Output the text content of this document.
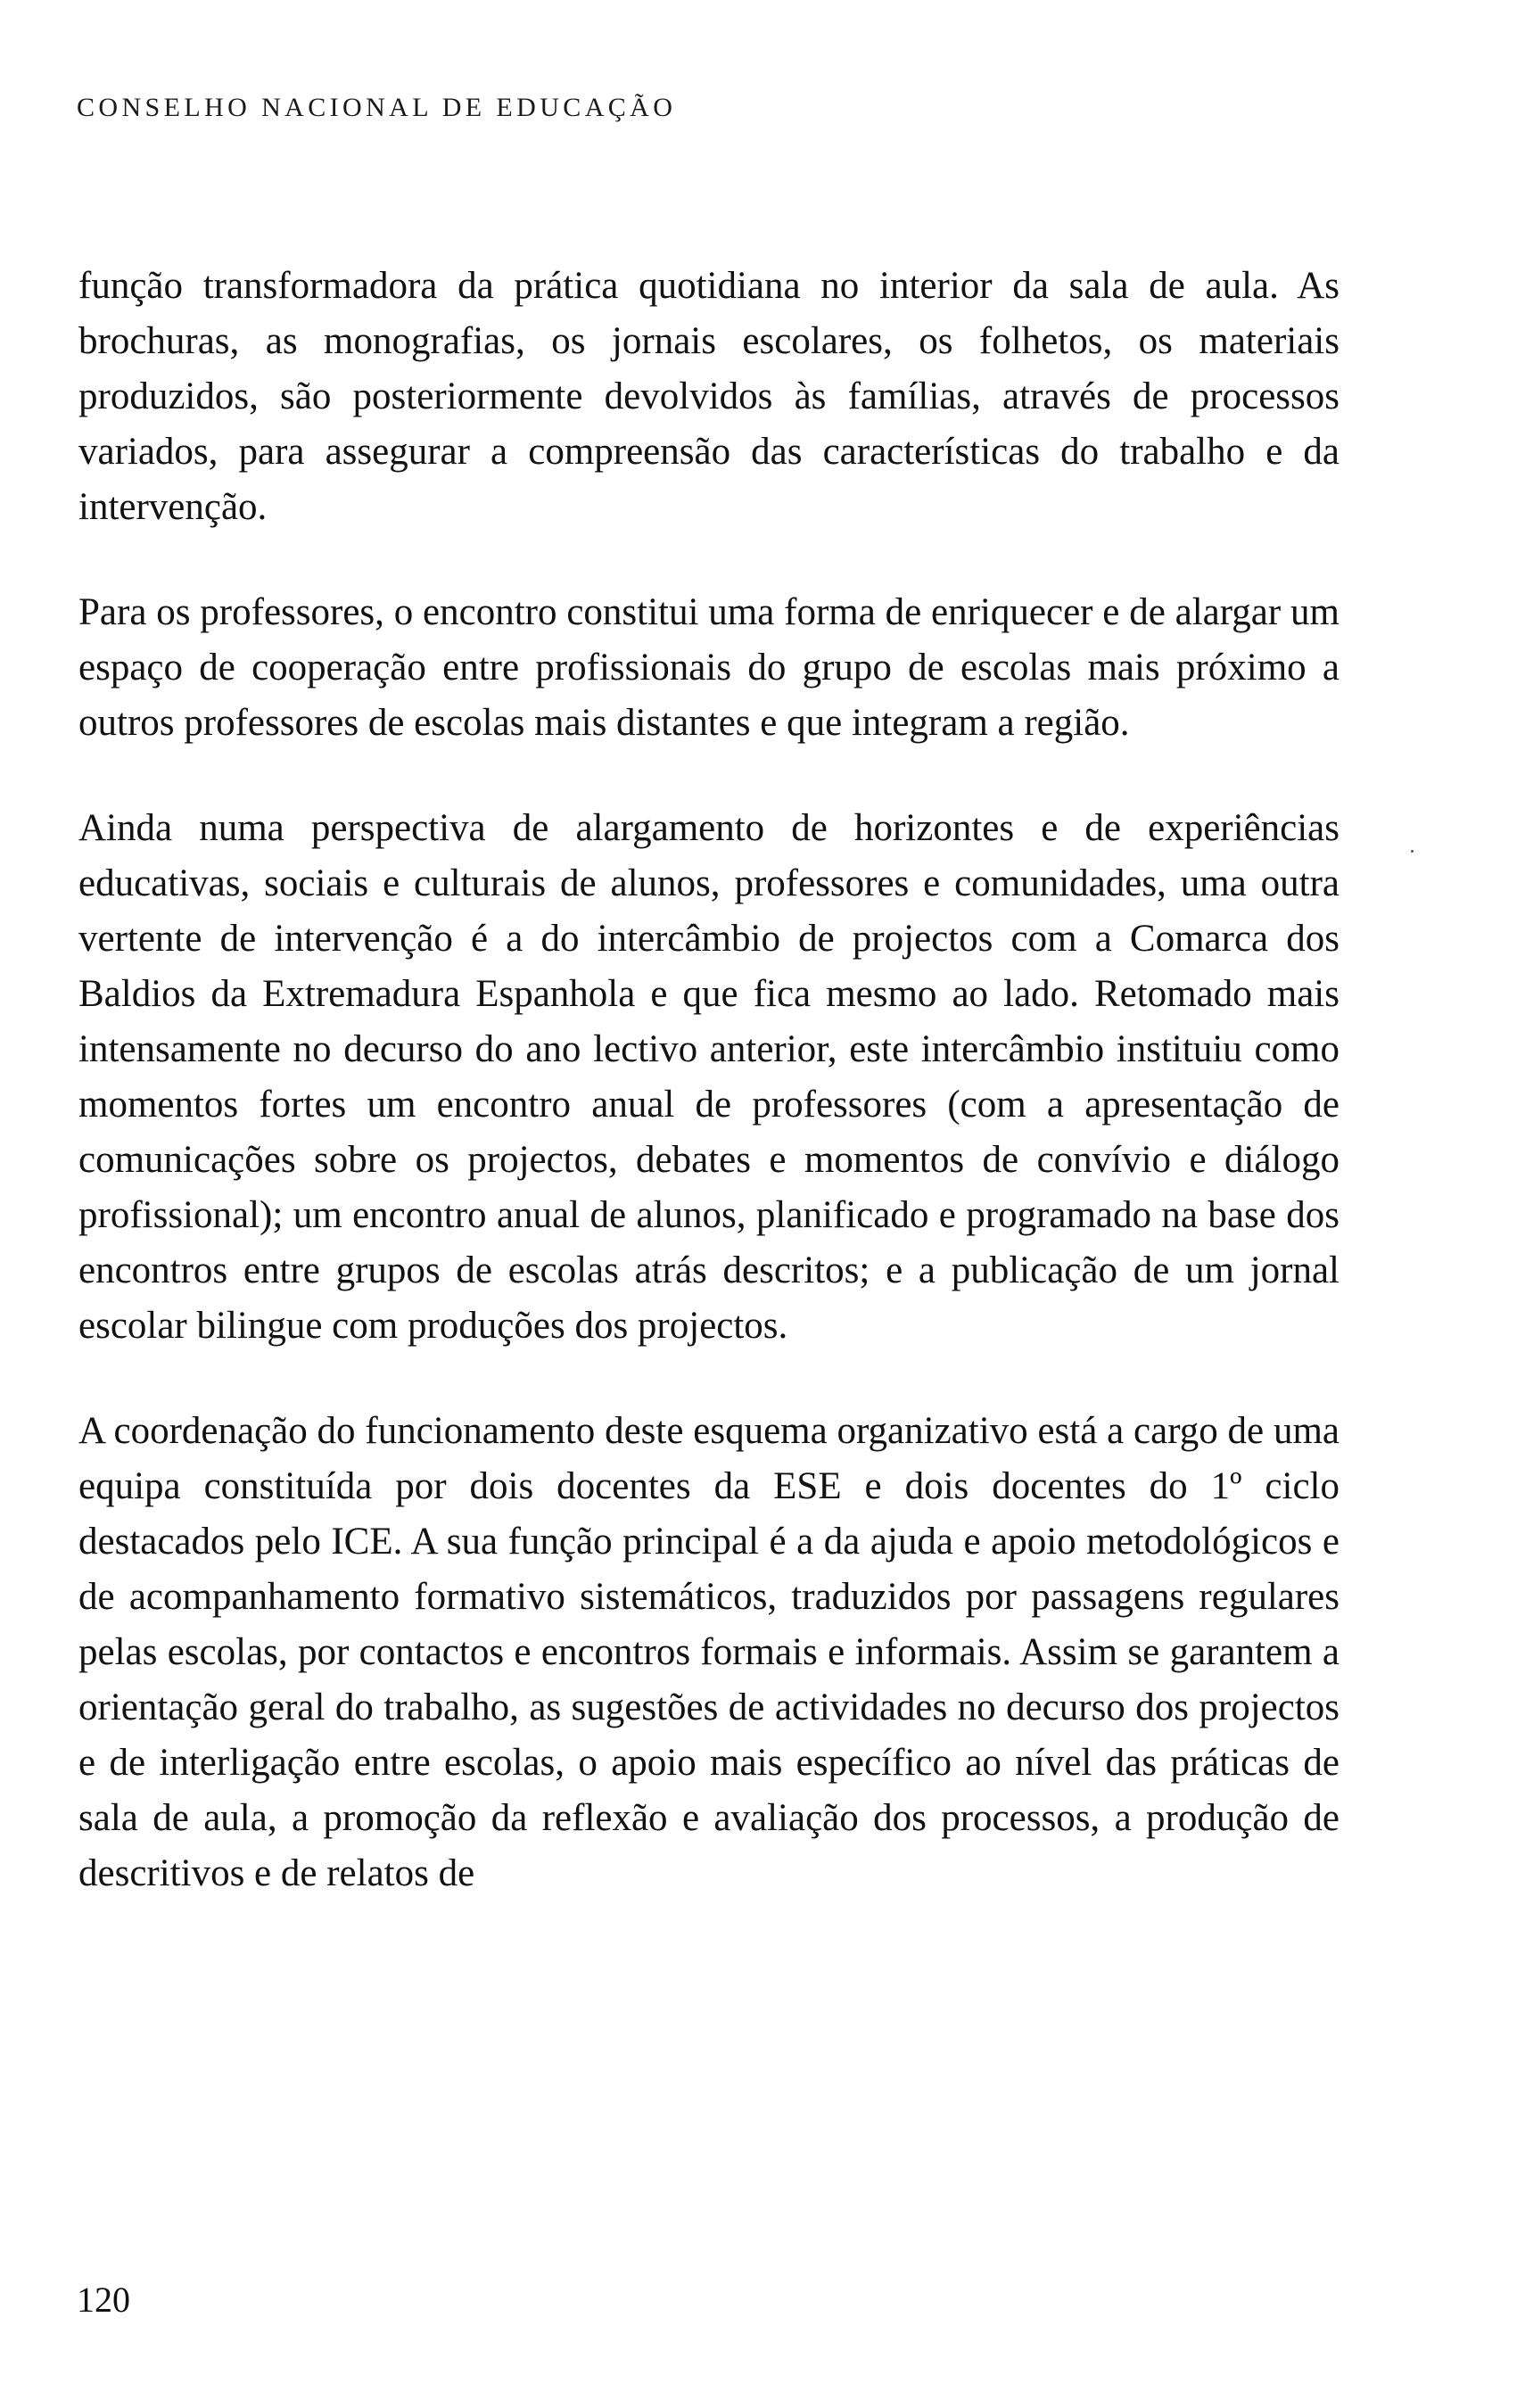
CONSELHO NACIONAL DE EDUCAÇÃO

função transformadora da prática quotidiana no interior da sala de aula. As brochuras, as monografias, os jornais escolares, os folhetos, os materiais produzidos, são posteriormente devolvidos às famílias, através de processos variados, para assegurar a compreensão das características do trabalho e da intervenção.

Para os professores, o encontro constitui uma forma de enriquecer e de alargar um espaço de cooperação entre profissionais do grupo de escolas mais próximo a outros professores de escolas mais distantes e que integram a região.

Ainda numa perspectiva de alargamento de horizontes e de experiências educativas, sociais e culturais de alunos, professores e comunidades, uma outra vertente de intervenção é a do intercâmbio de projectos com a Comarca dos Baldios da Extremadura Espanhola e que fica mesmo ao lado. Retomado mais intensamente no decurso do ano lectivo anterior, este intercâmbio instituiu como momentos fortes um encontro anual de professores (com a apresentação de comunicações sobre os projectos, debates e momentos de convívio e diálogo profissional); um encontro anual de alunos, planificado e programado na base dos encontros entre grupos de escolas atrás descritos; e a publicação de um jornal escolar bilingue com produções dos projectos.

A coordenação do funcionamento deste esquema organizativo está a cargo de uma equipa constituída por dois docentes da ESE e dois docentes do 1º ciclo destacados pelo ICE. A sua função principal é a da ajuda e apoio metodológicos e de acompanhamento formativo sistemáticos, traduzidos por passagens regulares pelas escolas, por contactos e encontros formais e informais. Assim se garantem a orientação geral do trabalho, as sugestões de actividades no decurso dos projectos e de interligação entre escolas, o apoio mais específico ao nível das práticas de sala de aula, a promoção da reflexão e avaliação dos processos, a produção de descritivos e de relatos de

120
